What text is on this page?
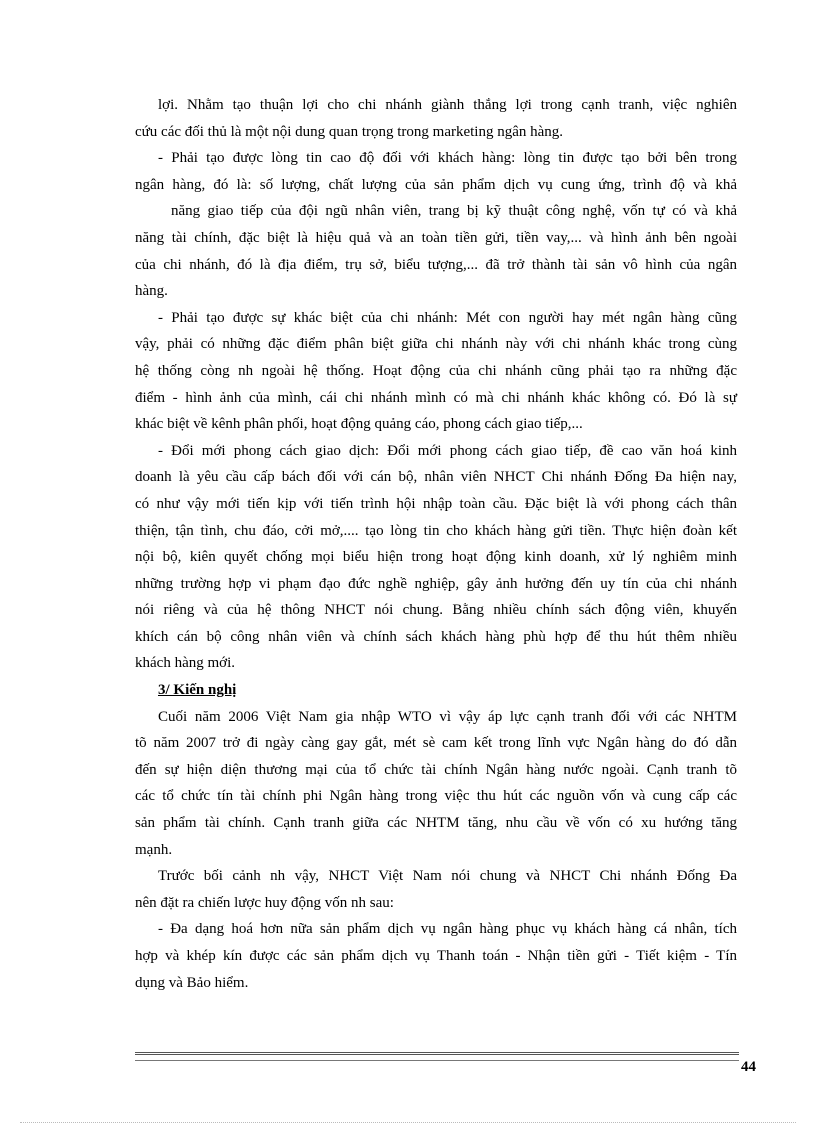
lợi. Nhằm tạo thuận lợi cho chi nhánh giành thắng lợi trong cạnh tranh, việc nghiên
cứu các đối thủ là một nội dung quan trọng trong marketing ngân hàng.
- Phải tạo được lòng tin cao độ đối với khách hàng: lòng tin được tạo bởi bên trong
ngân hàng, đó là: số lượng, chất lượng của sản phẩm dịch vụ cung ứng, trình độ và khả
năng giao tiếp của đội ngũ nhân viên, trang bị kỹ thuật công nghệ, vốn tự có và khả
năng tài chính, đặc biệt là hiệu quả và an toàn tiền gửi, tiền vay,... và hình ảnh bên ngoài
của chi nhánh, đó là địa điểm, trụ sở, biểu tượng,... đã trở thành tài sản vô hình của ngân
hàng.
- Phải tạo được sự khác biệt của chi nhánh: Mét con người hay mét ngân hàng cũng
vậy, phải có những đặc điểm phân biệt giữa chi nhánh này với chi nhánh khác trong cùng
hệ thống còng nh ngoài hệ thống. Hoạt động của chi nhánh cũng phải tạo ra những đặc
điểm - hình ảnh của mình, cái chi nhánh mình có mà chi nhánh khác không có. Đó là sự
khác biệt về kênh phân phối, hoạt động quảng cáo, phong cách giao tiếp,...
- Đổi mới phong cách giao dịch: Đổi mới phong cách giao tiếp, đề cao văn hoá kinh
doanh là yêu cầu cấp bách đối với cán bộ, nhân viên NHCT Chi nhánh Đống Đa hiện nay,
có như vậy mới tiến kịp với tiến trình hội nhập toàn cầu. Đặc biệt là với phong cách thân
thiện, tận tình, chu đáo, cởi mở,.... tạo lòng tin cho khách hàng gửi tiền. Thực hiện đoàn kết
nội bộ, kiên quyết chống mọi biểu hiện trong hoạt động kinh doanh, xử lý nghiêm minh
những trường hợp vi phạm đạo đức nghề nghiệp, gây ảnh hưởng đến uy tín của chi nhánh
nói riêng và của hệ thông NHCT nói chung. Bằng nhiều chính sách động viên, khuyến
khích cán bộ công nhân viên và chính sách khách hàng phù hợp để thu hút thêm nhiều
khách hàng mới.
3/ Kiến nghị
Cuối năm 2006 Việt Nam gia nhập WTO vì vậy áp lực cạnh tranh đối với các NHTM
tõ năm 2007 trở đi ngày càng gay gắt, mét sè cam kết trong lĩnh vực Ngân hàng do đó dẫn
đến sự hiện diện thương mại của tổ chức tài chính Ngân hàng nước ngoài. Cạnh tranh tõ
các tổ chức tín tài chính phi Ngân hàng trong việc thu hút các nguồn vốn và cung cấp các
sản phẩm tài chính. Cạnh tranh giữa các NHTM tăng, nhu cầu về vốn có xu hướng tăng
mạnh.
Trước bối cảnh nh vậy, NHCT Việt Nam nói chung và NHCT Chi nhánh Đống Đa
nên đặt ra chiến lược huy động vốn nh sau:
- Đa dạng hoá hơn nữa sản phẩm dịch vụ ngân hàng phục vụ khách hàng cá nhân, tích
hợp và khép kín được các sản phẩm dịch vụ Thanh toán - Nhận tiền gửi - Tiết kiệm - Tín
dụng và Bảo hiểm.
44
